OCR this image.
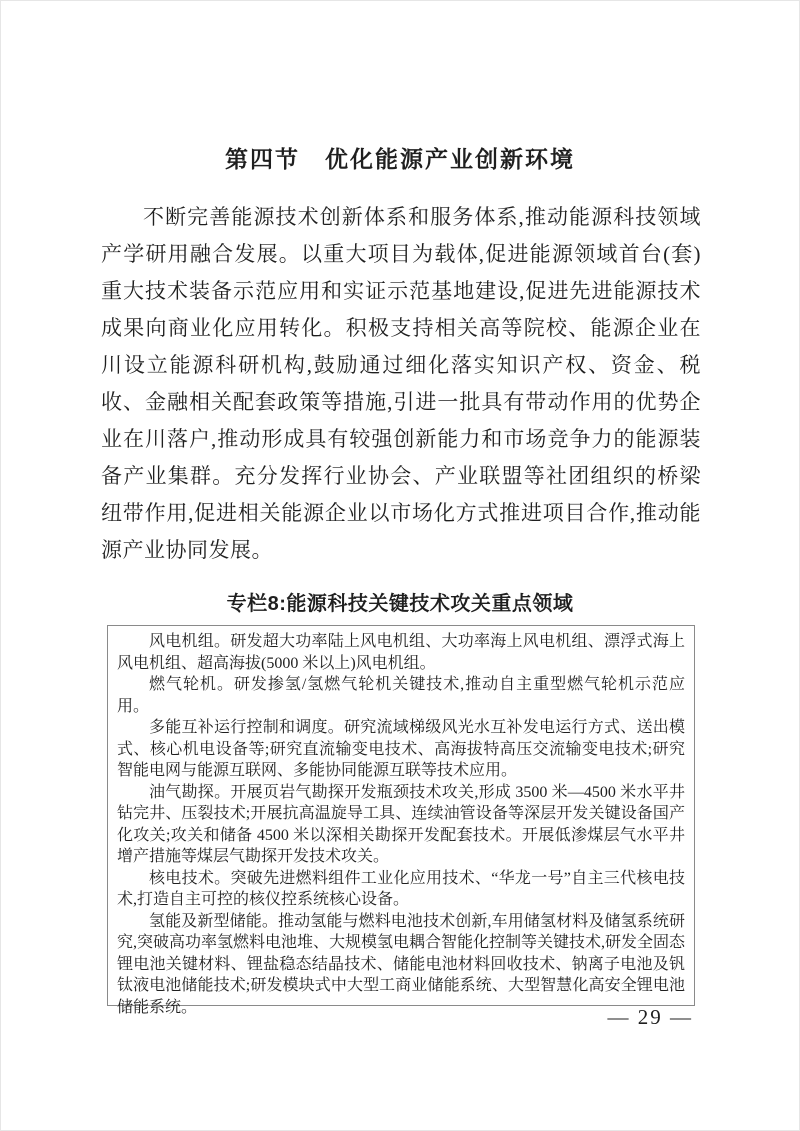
第四节　优化能源产业创新环境

不断完善能源技术创新体系和服务体系,推动能源科技领域产学研用融合发展。以重大项目为载体,促进能源领域首台(套)重大技术装备示范应用和实证示范基地建设,促进先进能源技术成果向商业化应用转化。积极支持相关高等院校、能源企业在川设立能源科研机构,鼓励通过细化落实知识产权、资金、税收、金融相关配套政策等措施,引进一批具有带动作用的优势企业在川落户,推动形成具有较强创新能力和市场竞争力的能源装备产业集群。充分发挥行业协会、产业联盟等社团组织的桥梁纽带作用,促进相关能源企业以市场化方式推进项目合作,推动能源产业协同发展。

专栏8:能源科技关键技术攻关重点领域

风电机组。研发超大功率陆上风电机组、大功率海上风电机组、漂浮式海上风电机组、超高海拔(5000 米以上)风电机组。

燃气轮机。研发掺氢/氢燃气轮机关键技术,推动自主重型燃气轮机示范应用。

多能互补运行控制和调度。研究流域梯级风光水互补发电运行方式、送出模式、核心机电设备等;研究直流输变电技术、高海拔特高压交流输变电技术;研究智能电网与能源互联网、多能协同能源互联等技术应用。

油气勘探。开展页岩气勘探开发瓶颈技术攻关,形成 3500 米—4500 米水平井钻完井、压裂技术;开展抗高温旋导工具、连续油管设备等深层开发关键设备国产化攻关;攻关和储备 4500 米以深相关勘探开发配套技术。开展低渗煤层气水平井增产措施等煤层气勘探开发技术攻关。

核电技术。突破先进燃料组件工业化应用技术、“华龙一号”自主三代核电技术,打造自主可控的核仪控系统核心设备。

氢能及新型储能。推动氢能与燃料电池技术创新,车用储氢材料及储氢系统研究,突破高功率氢燃料电池堆、大规模氢电耦合智能化控制等关键技术,研发全固态锂电池关键材料、锂盐稳态结晶技术、储能电池材料回收技术、钠离子电池及钒钛液电池储能技术;研发模块式中大型工商业储能系统、大型智慧化高安全锂电池储能系统。	— 29 —
